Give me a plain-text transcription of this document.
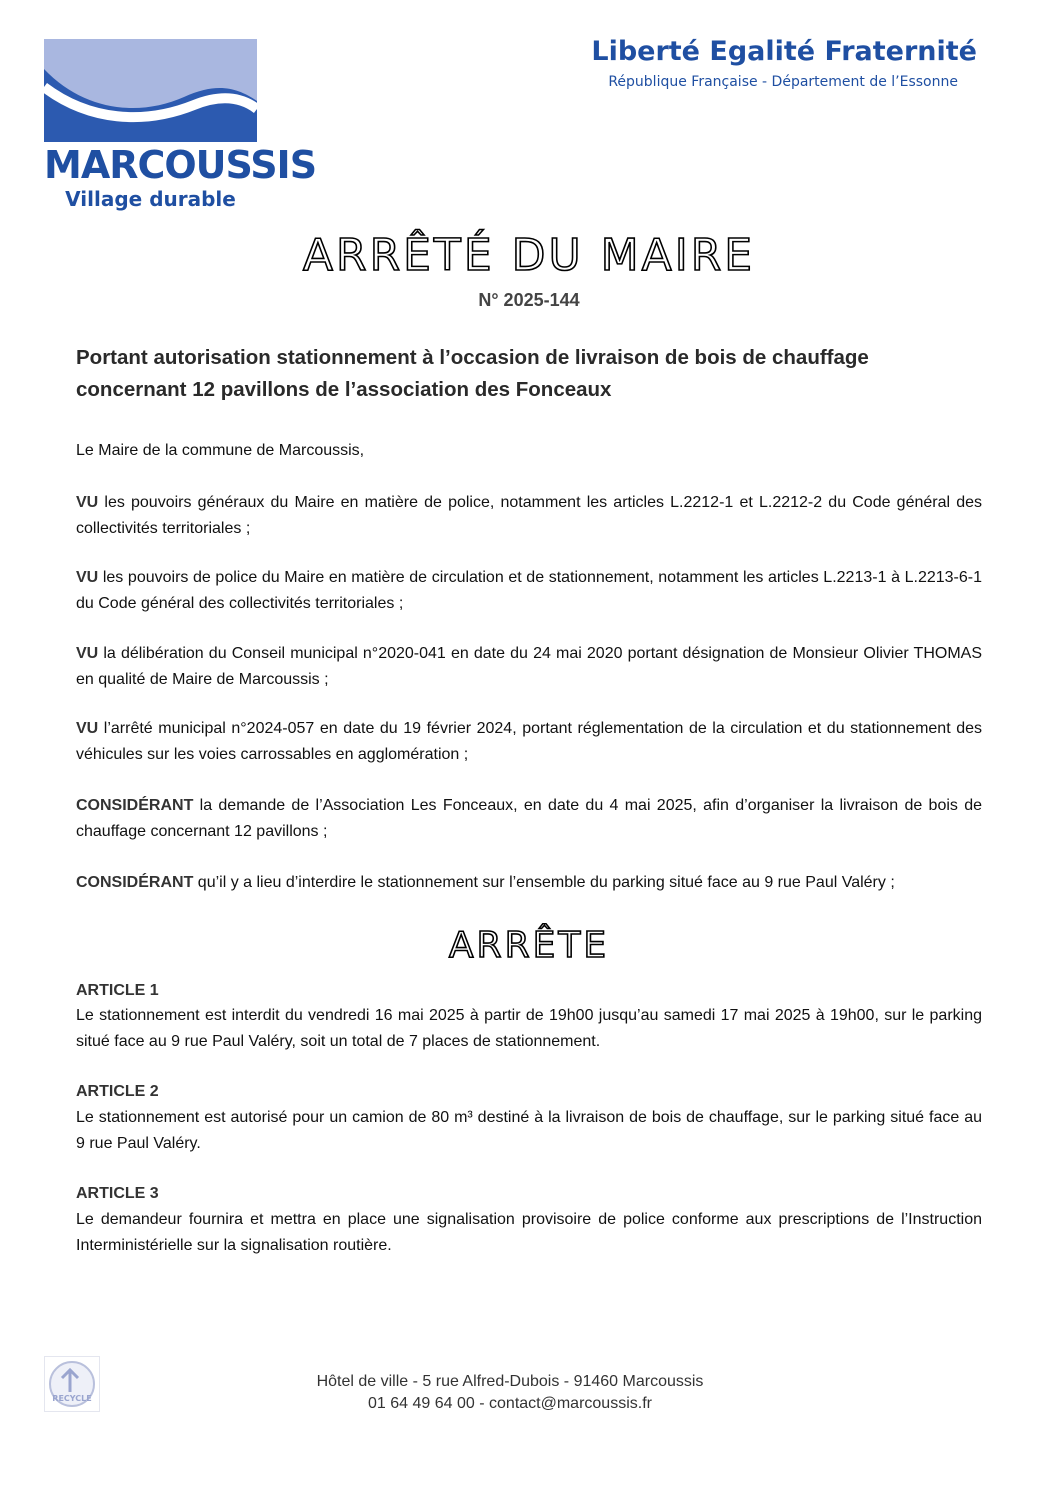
MARCOUSSIS
Village durable
Liberté Egalité Fraternité
République Française - Département de l’Essonne
ARRÊTÉ DU MAIRE
N° 2025-144
Portant autorisation stationnement à l’occasion de livraison de bois de chauffage concernant 12 pavillons de l’association des Fonceaux
Le Maire de la commune de Marcoussis,
VU les pouvoirs généraux du Maire en matière de police, notamment les articles L.2212-1 et L.2212-2 du Code général des collectivités territoriales ;
VU les pouvoirs de police du Maire en matière de circulation et de stationnement, notamment les articles L.2213-1 à L.2213-6-1 du Code général des collectivités territoriales ;
VU la délibération du Conseil municipal n°2020-041 en date du 24 mai 2020 portant désignation de Monsieur Olivier THOMAS en qualité de Maire de Marcoussis ;
VU l’arrêté municipal n°2024-057 en date du 19 février 2024, portant réglementation de la circulation et du stationnement des véhicules sur les voies carrossables en agglomération ;
CONSIDÉRANT la demande de l’Association Les Fonceaux, en date du 4 mai 2025, afin d’organiser la livraison de bois de chauffage concernant 12 pavillons ;
CONSIDÉRANT qu’il y a lieu d’interdire le stationnement sur l’ensemble du parking situé face au 9 rue Paul Valéry ;
ARRÊTE
ARTICLE 1
Le stationnement est interdit du vendredi 16 mai 2025 à partir de 19h00 jusqu’au samedi 17 mai 2025 à 19h00, sur le parking situé face au 9 rue Paul Valéry, soit un total de 7 places de stationnement.
ARTICLE 2
Le stationnement est autorisé pour un camion de 80 m³ destiné à la livraison de bois de chauffage, sur le parking situé face au 9 rue Paul Valéry.
ARTICLE 3
Le demandeur fournira et mettra en place une signalisation provisoire de police conforme aux prescriptions de l’Instruction Interministérielle sur la signalisation routière.
RECYCLE
Hôtel de ville - 5 rue Alfred-Dubois - 91460 Marcoussis
01 64 49 64 00 - contact@marcoussis.fr
